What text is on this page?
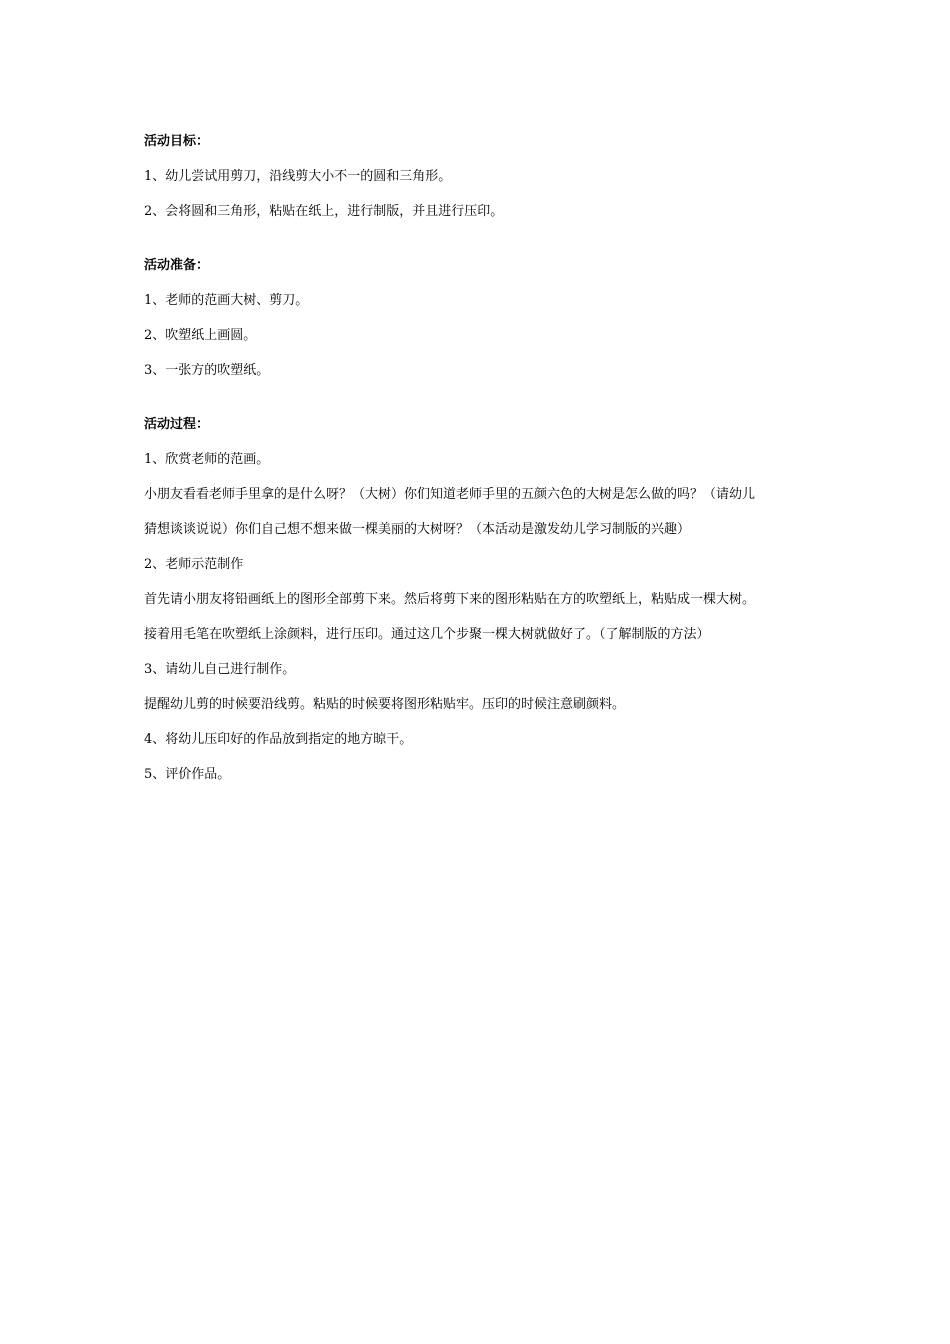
活动目标：

1、幼儿尝试用剪刀，沿线剪大小不一的圆和三角形。

2、会将圆和三角形，粘贴在纸上，进行制版，并且进行压印。

活动准备：

1、老师的范画大树、剪刀。

2、吹塑纸上画圆。

3、一张方的吹塑纸。

活动过程：

1、欣赏老师的范画。

小朋友看看老师手里拿的是什么呀？（大树）你们知道老师手里的五颜六色的大树是怎么做的吗？（请幼儿

猜想谈谈说说）你们自己想不想来做一棵美丽的大树呀？（本活动是激发幼儿学习制版的兴趣）

2、老师示范制作

首先请小朋友将铅画纸上的图形全部剪下来。然后将剪下来的图形粘贴在方的吹塑纸上，粘贴成一棵大树。

接着用毛笔在吹塑纸上涂颜料，进行压印。通过这几个步聚一棵大树就做好了。（了解制版的方法）

3、请幼儿自己进行制作。

提醒幼儿剪的时候要沿线剪。粘贴的时候要将图形粘贴牢。压印的时候注意刷颜料。

4、将幼儿压印好的作品放到指定的地方晾干。

5、评价作品。
